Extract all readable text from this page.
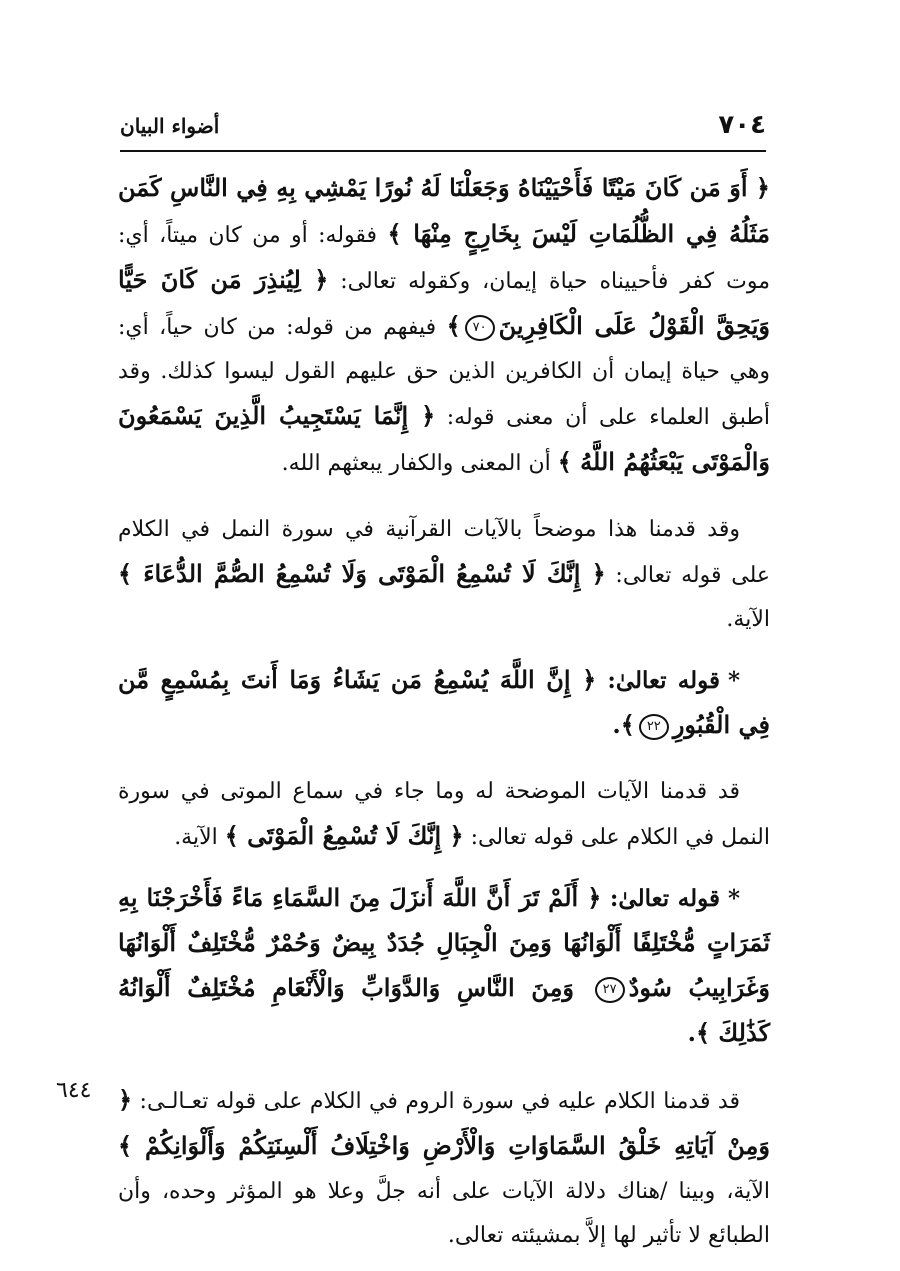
٧٠٤
أضواء البيان

﴿ أَوَ مَن كَانَ مَيْتًا فَأَحْيَيْنَاهُ وَجَعَلْنَا لَهُ نُورًا يَمْشِي بِهِ فِي النَّاسِ كَمَن مَثَلُهُ فِي الظُّلُمَاتِ لَيْسَ بِخَارِجٍ مِنْهَا ﴾ فقوله: أو من كان ميتاً، أي: موت كفر فأحييناه حياة إيمان، وكقوله تعالى: ﴿ لِيُنذِرَ مَن كَانَ حَيًّا وَيَحِقَّ الْقَوْلُ عَلَى الْكَافِرِينَ٧٠﴾ فيفهم من قوله: من كان حياً، أي: وهي حياة إيمان أن الكافرين الذين حق عليهم القول ليسوا كذلك. وقد أطبق العلماء على أن معنى قوله: ﴿ إِنَّمَا يَسْتَجِيبُ الَّذِينَ يَسْمَعُونَ وَالْمَوْتَى يَبْعَثُهُمُ اللَّهُ ﴾ أن المعنى والكفار يبعثهم الله.

وقد قدمنا هذا موضحاً بالآيات القرآنية في سورة النمل في الكلام على قوله تعالى: ﴿ إِنَّكَ لَا تُسْمِعُ الْمَوْتَى وَلَا تُسْمِعُ الصُّمَّ الدُّعَاءَ ﴾ الآية.

*قوله تعالىٰ: ﴿ إِنَّ اللَّهَ يُسْمِعُ مَن يَشَاءُ وَمَا أَنتَ بِمُسْمِعٍ مَّن فِي الْقُبُورِ٢٢﴾.

قد قدمنا الآيات الموضحة له وما جاء في سماع الموتى في سورة النمل في الكلام على قوله تعالى: ﴿ إِنَّكَ لَا تُسْمِعُ الْمَوْتَى ﴾ الآية.

*قوله تعالىٰ: ﴿ أَلَمْ تَرَ أَنَّ اللَّهَ أَنزَلَ مِنَ السَّمَاءِ مَاءً فَأَخْرَجْنَا بِهِ ثَمَرَاتٍ مُّخْتَلِفًا أَلْوَانُهَا وَمِنَ الْجِبَالِ جُدَدٌ بِيضٌ وَحُمْرٌ مُّخْتَلِفٌ أَلْوَانُهَا وَغَرَابِيبُ سُودٌ٢٧ وَمِنَ النَّاسِ وَالدَّوَابِّ وَالْأَنْعَامِ مُخْتَلِفٌ أَلْوَانُهُ كَذَٰلِكَ ﴾.

قد قدمنا الكلام عليه في سورة الروم في الكلام على قوله تعـالـى: ﴿ وَمِنْ آيَاتِهِ خَلْقُ السَّمَاوَاتِ وَالْأَرْضِ وَاخْتِلَافُ أَلْسِنَتِكُمْ وَأَلْوَانِكُمْ ﴾ الآية، وبينا /هناك دلالة الآيات على أنه جلَّ وعلا هو المؤثر وحده، وأن الطبائع لا تأثير لها إلاَّ بمشيئته تعالى.

٦٤٤
